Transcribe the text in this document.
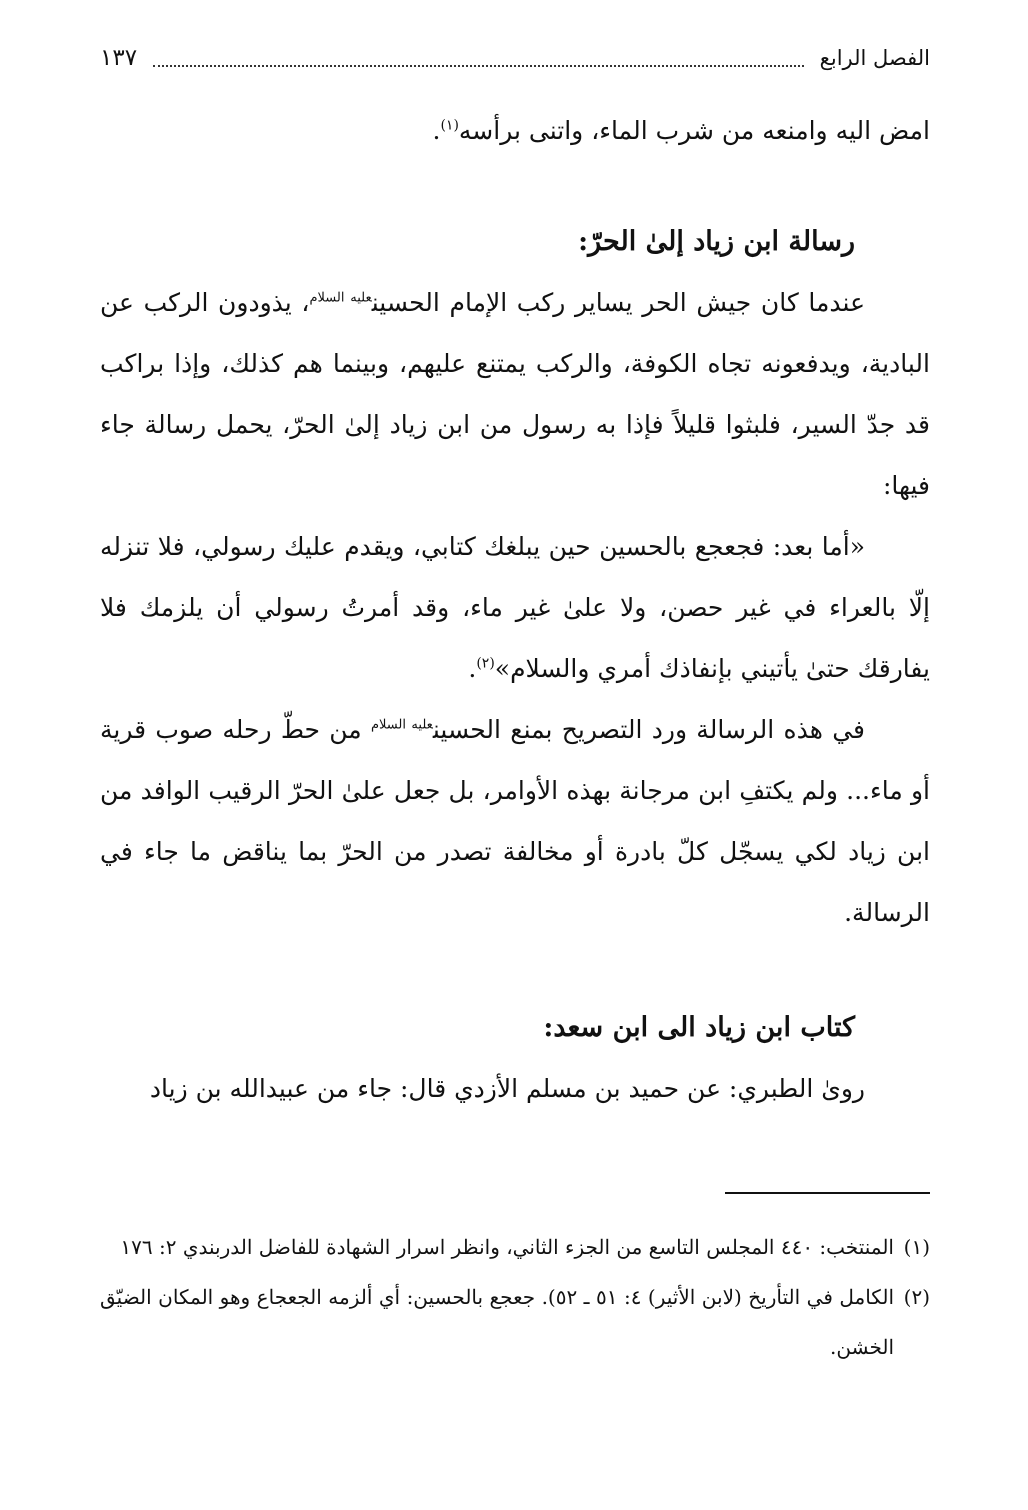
الفصل الرابع
١٣٧

امض اليه وامنعه من شرب الماء، واتنى برأسه$^{(١)}$.

رسالة ابن زياد إلىٰ الحرّ:

عندما كان جيش الحر يساير ركب الإمام الحسين$^{عليه السلام}$، يذودون الركب عن البادية، ويدفعونه تجاه الكوفة، والركب يمتنع عليهم، وبينما هم كذلك، وإذا براكب قد جدّ السير، فلبثوا قليلاً فإذا به رسول من ابن زياد إلىٰ الحرّ، يحمل رسالة جاء فيها:

«أما بعد: فجعجع بالحسين حين يبلغك كتابي، ويقدم عليك رسولي، فلا تنزله إلّا بالعراء في غير حصن، ولا علىٰ غير ماء، وقد أمرتُ رسولي أن يلزمك فلا يفارقك حتىٰ يأتيني بإنفاذك أمري والسلام»$^{(٢)}$.

في هذه الرسالة ورد التصريح بمنع الحسين$^{عليه السلام}$ من حطّ رحله صوب قرية أو ماء... ولم يكتفِ ابن مرجانة بهذه الأوامر، بل جعل علىٰ الحرّ الرقيب الوافد من ابن زياد لكي يسجّل كلّ بادرة أو مخالفة تصدر من الحرّ بما يناقض ما جاء في الرسالة.

كتاب ابن زياد الى ابن سعد:

روىٰ الطبري: عن حميد بن مسلم الأزدي قال: جاء من عبيدالله بن زياد

(١)
المنتخب: ٤٤٠ المجلس التاسع من الجزء الثاني، وانظر اسرار الشهادة للفاضل الدربندي ٢: ١٧٦

(٢)
الكامل في التأريخ (لابن الأثير) ٤: ٥١ ـ ٥٢). جعجع بالحسين: أي ألزمه الجعجاع وهو المكان الضيّق الخشن.
